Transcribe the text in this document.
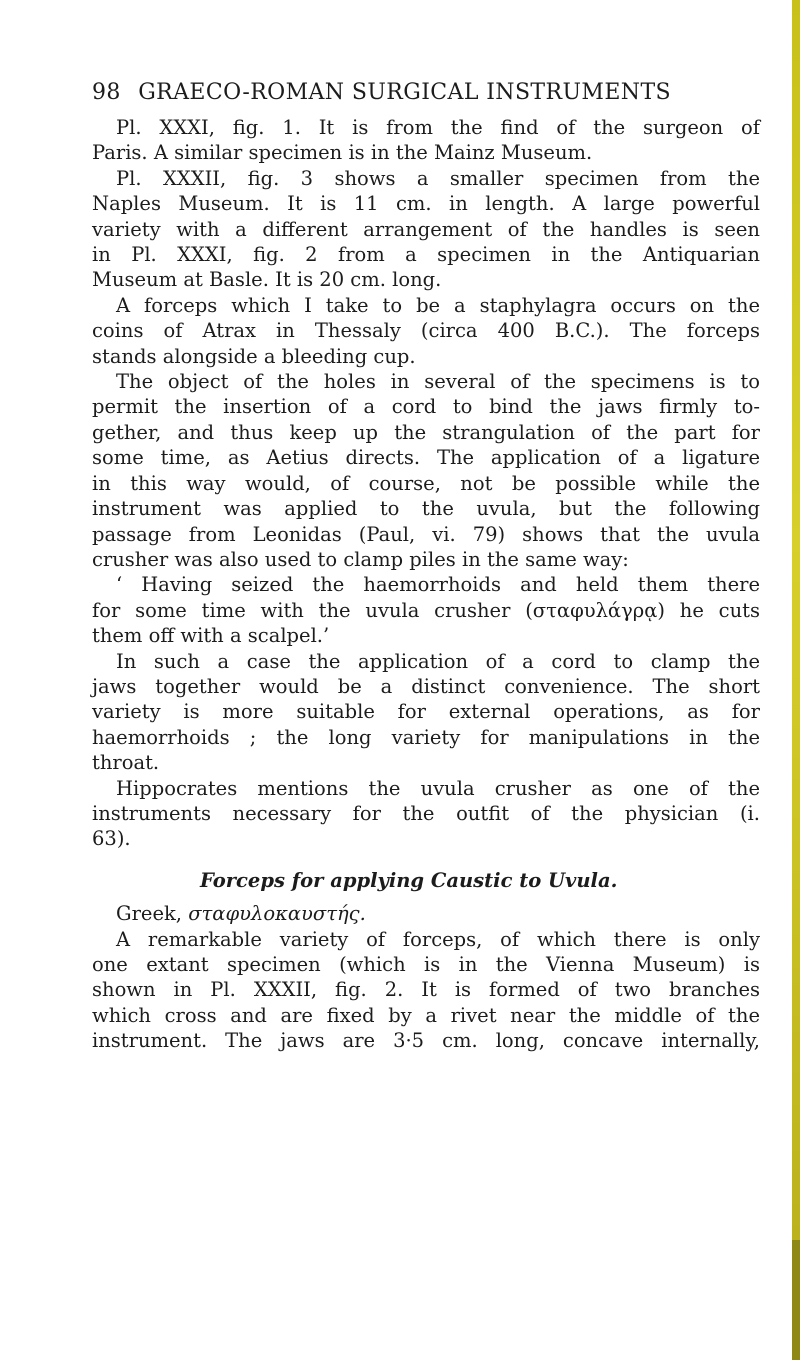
98 GRAECO-ROMAN SURGICAL INSTRUMENTS
Pl. XXXI, fig. 1. It is from the find of the surgeon of
Paris. A similar specimen is in the Mainz Museum.
Pl. XXXII, fig. 3 shows a smaller specimen from the
Naples Museum. It is 11 cm. in length. A large powerful
variety with a different arrangement of the handles is seen
in Pl. XXXI, fig. 2 from a specimen in the Antiquarian
Museum at Basle. It is 20 cm. long.
A forceps which I take to be a staphylagra occurs on the
coins of Atrax in Thessaly (circa 400 B.C.). The forceps
stands alongside a bleeding cup.
The object of the holes in several of the specimens is to
permit the insertion of a cord to bind the jaws firmly to-
gether, and thus keep up the strangulation of the part for
some time, as Aetius directs. The application of a ligature
in this way would, of course, not be possible while the
instrument was applied to the uvula, but the following
passage from Leonidas (Paul, vi. 79) shows that the uvula
crusher was also used to clamp piles in the same way:
‘ Having seized the haemorrhoids and held them there
for some time with the uvula crusher (σταφυλάγρᾳ) he cuts
them off with a scalpel.’
In such a case the application of a cord to clamp the
jaws together would be a distinct convenience. The short
variety is more suitable for external operations, as for
haemorrhoids ; the long variety for manipulations in the
throat.
Hippocrates mentions the uvula crusher as one of the
instruments necessary for the outfit of the physician (i.
63).
Forceps for applying Caustic to Uvula.
Greek, σταφυλοκαυστής.
A remarkable variety of forceps, of which there is only
one extant specimen (which is in the Vienna Museum) is
shown in Pl. XXXII, fig. 2. It is formed of two branches
which cross and are fixed by a rivet near the middle of the
instrument. The jaws are 3·5 cm. long, concave internally,
